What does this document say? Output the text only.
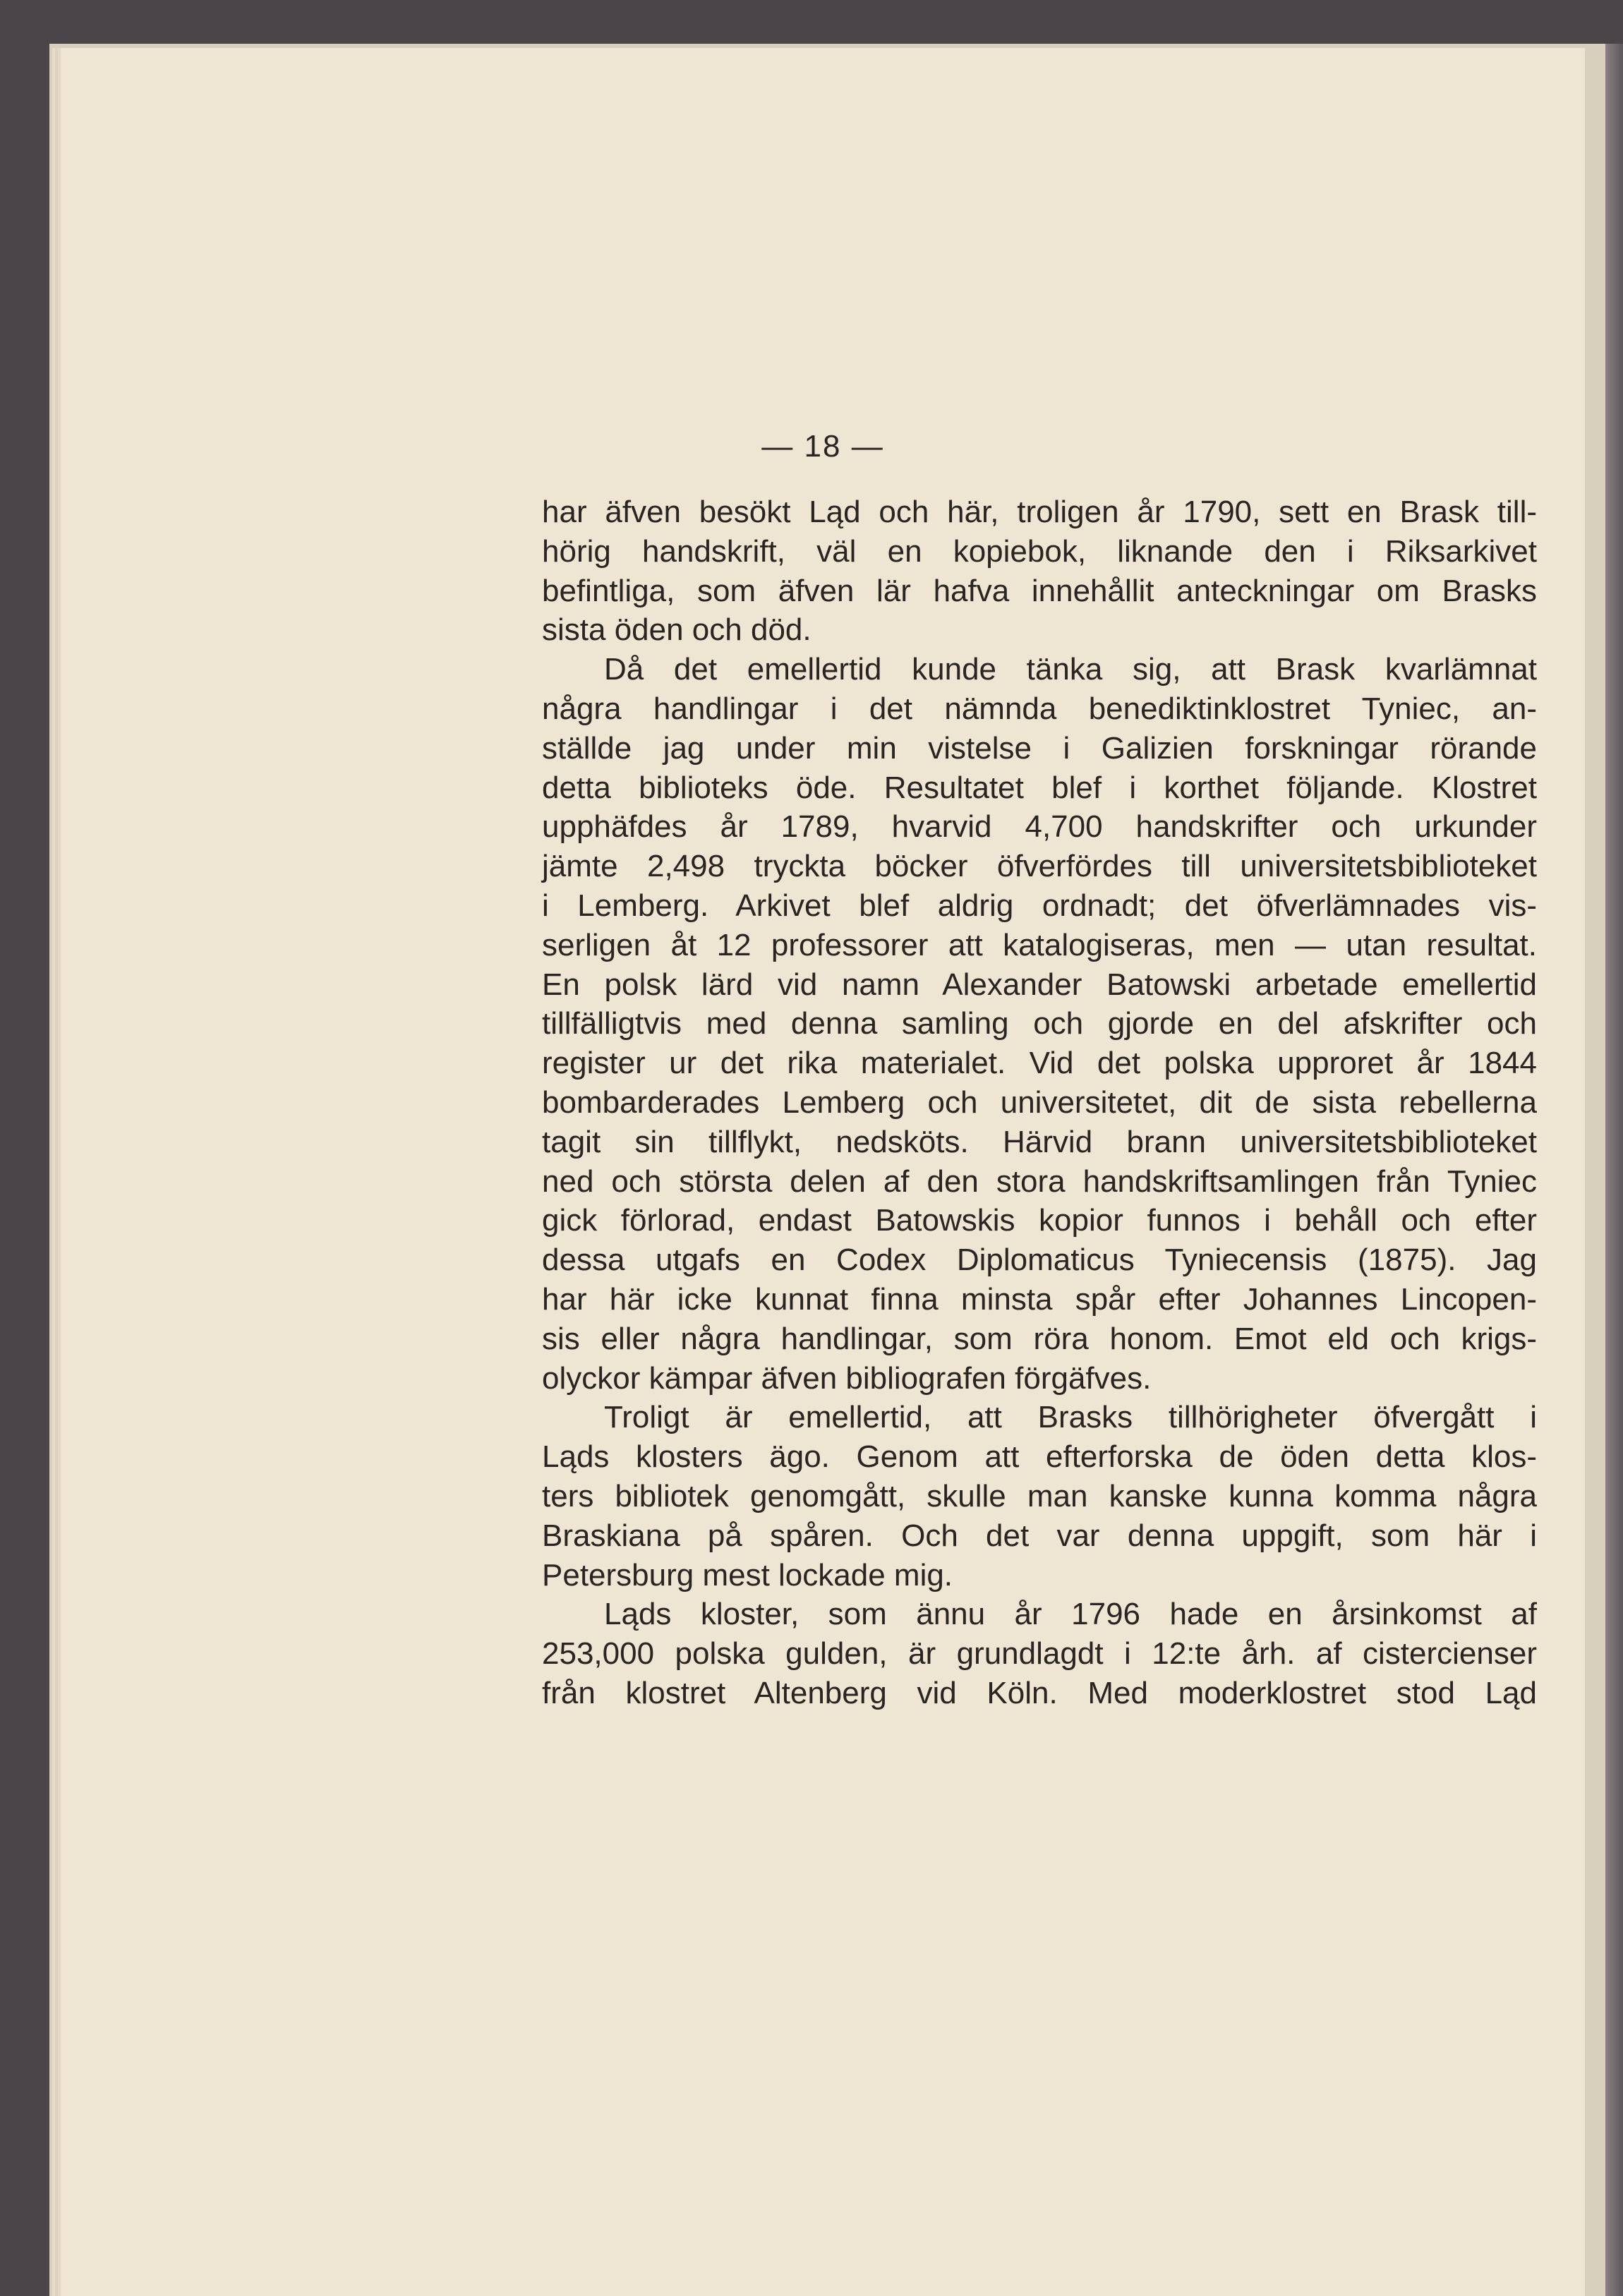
— 18 —
har äfven besökt Ląd och här, troligen år 1790, sett en Brask till-
hörig handskrift, väl en kopiebok, liknande den i Riksarkivet
befintliga, som äfven lär hafva innehållit anteckningar om Brasks
sista öden och död.
Då det emellertid kunde tänka sig, att Brask kvarlämnat
några handlingar i det nämnda benediktinklostret Tyniec, an-
ställde jag under min vistelse i Galizien forskningar rörande
detta biblioteks öde. Resultatet blef i korthet följande. Klostret
upphäfdes år 1789, hvarvid 4,700 handskrifter och urkunder
jämte 2,498 tryckta böcker öfverfördes till universitetsbiblioteket
i Lemberg. Arkivet blef aldrig ordnadt; det öfverlämnades vis-
serligen åt 12 professorer att katalogiseras, men — utan resultat.
En polsk lärd vid namn Alexander Batowski arbetade emellertid
tillfälligtvis med denna samling och gjorde en del afskrifter och
register ur det rika materialet. Vid det polska upproret år 1844
bombarderades Lemberg och universitetet, dit de sista rebellerna
tagit sin tillflykt, nedsköts. Härvid brann universitetsbiblioteket
ned och största delen af den stora handskriftsamlingen från Tyniec
gick förlorad, endast Batowskis kopior funnos i behåll och efter
dessa utgafs en Codex Diplomaticus Tyniecensis (1875). Jag
har här icke kunnat finna minsta spår efter Johannes Lincopen-
sis eller några handlingar, som röra honom. Emot eld och krigs-
olyckor kämpar äfven bibliografen förgäfves.
Troligt är emellertid, att Brasks tillhörigheter öfvergått i
Ląds klosters ägo. Genom att efterforska de öden detta klos-
ters bibliotek genomgått, skulle man kanske kunna komma några
Braskiana på spåren. Och det var denna uppgift, som här i
Petersburg mest lockade mig.
Ląds kloster, som ännu år 1796 hade en årsinkomst af
253,000 polska gulden, är grundlagdt i 12:te årh. af cistercienser
från klostret Altenberg vid Köln. Med moderklostret stod Ląd
